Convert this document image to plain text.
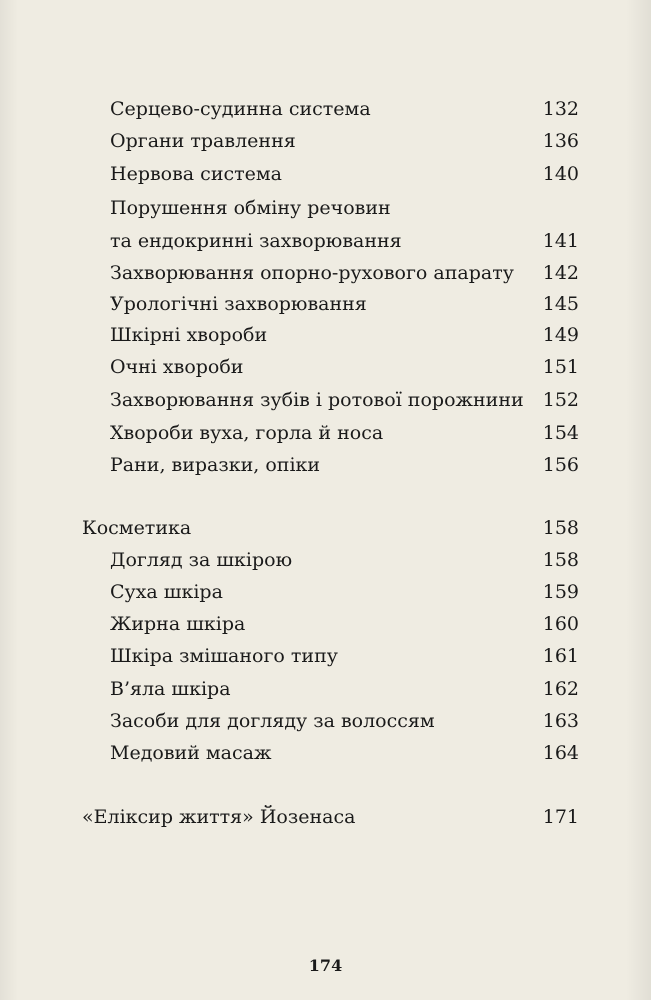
Серцево-судинна система	132
Органи травлення	136
Нервова система	140
Порушення обміну речовин
та ендокринні захворювання	141
Захворювання опорно-рухового апарату 142
Урологічні захворювання	145
Шкірні хвороби	149
Очні хвороби	151
Захворювання зубів і ротової порожнини 152
Хвороби вуха, горла й носа	154
Рани, виразки, опіки	156
Косметика	158
Догляд за шкірою	158
Суха шкіра	159
Жирна шкіра	160
Шкіра змішаного типу	161
В’яла шкіра	162
Засоби для догляду за волоссям	163
Медовий масаж	164
«Еліксир життя» Йозенаса	171
174
